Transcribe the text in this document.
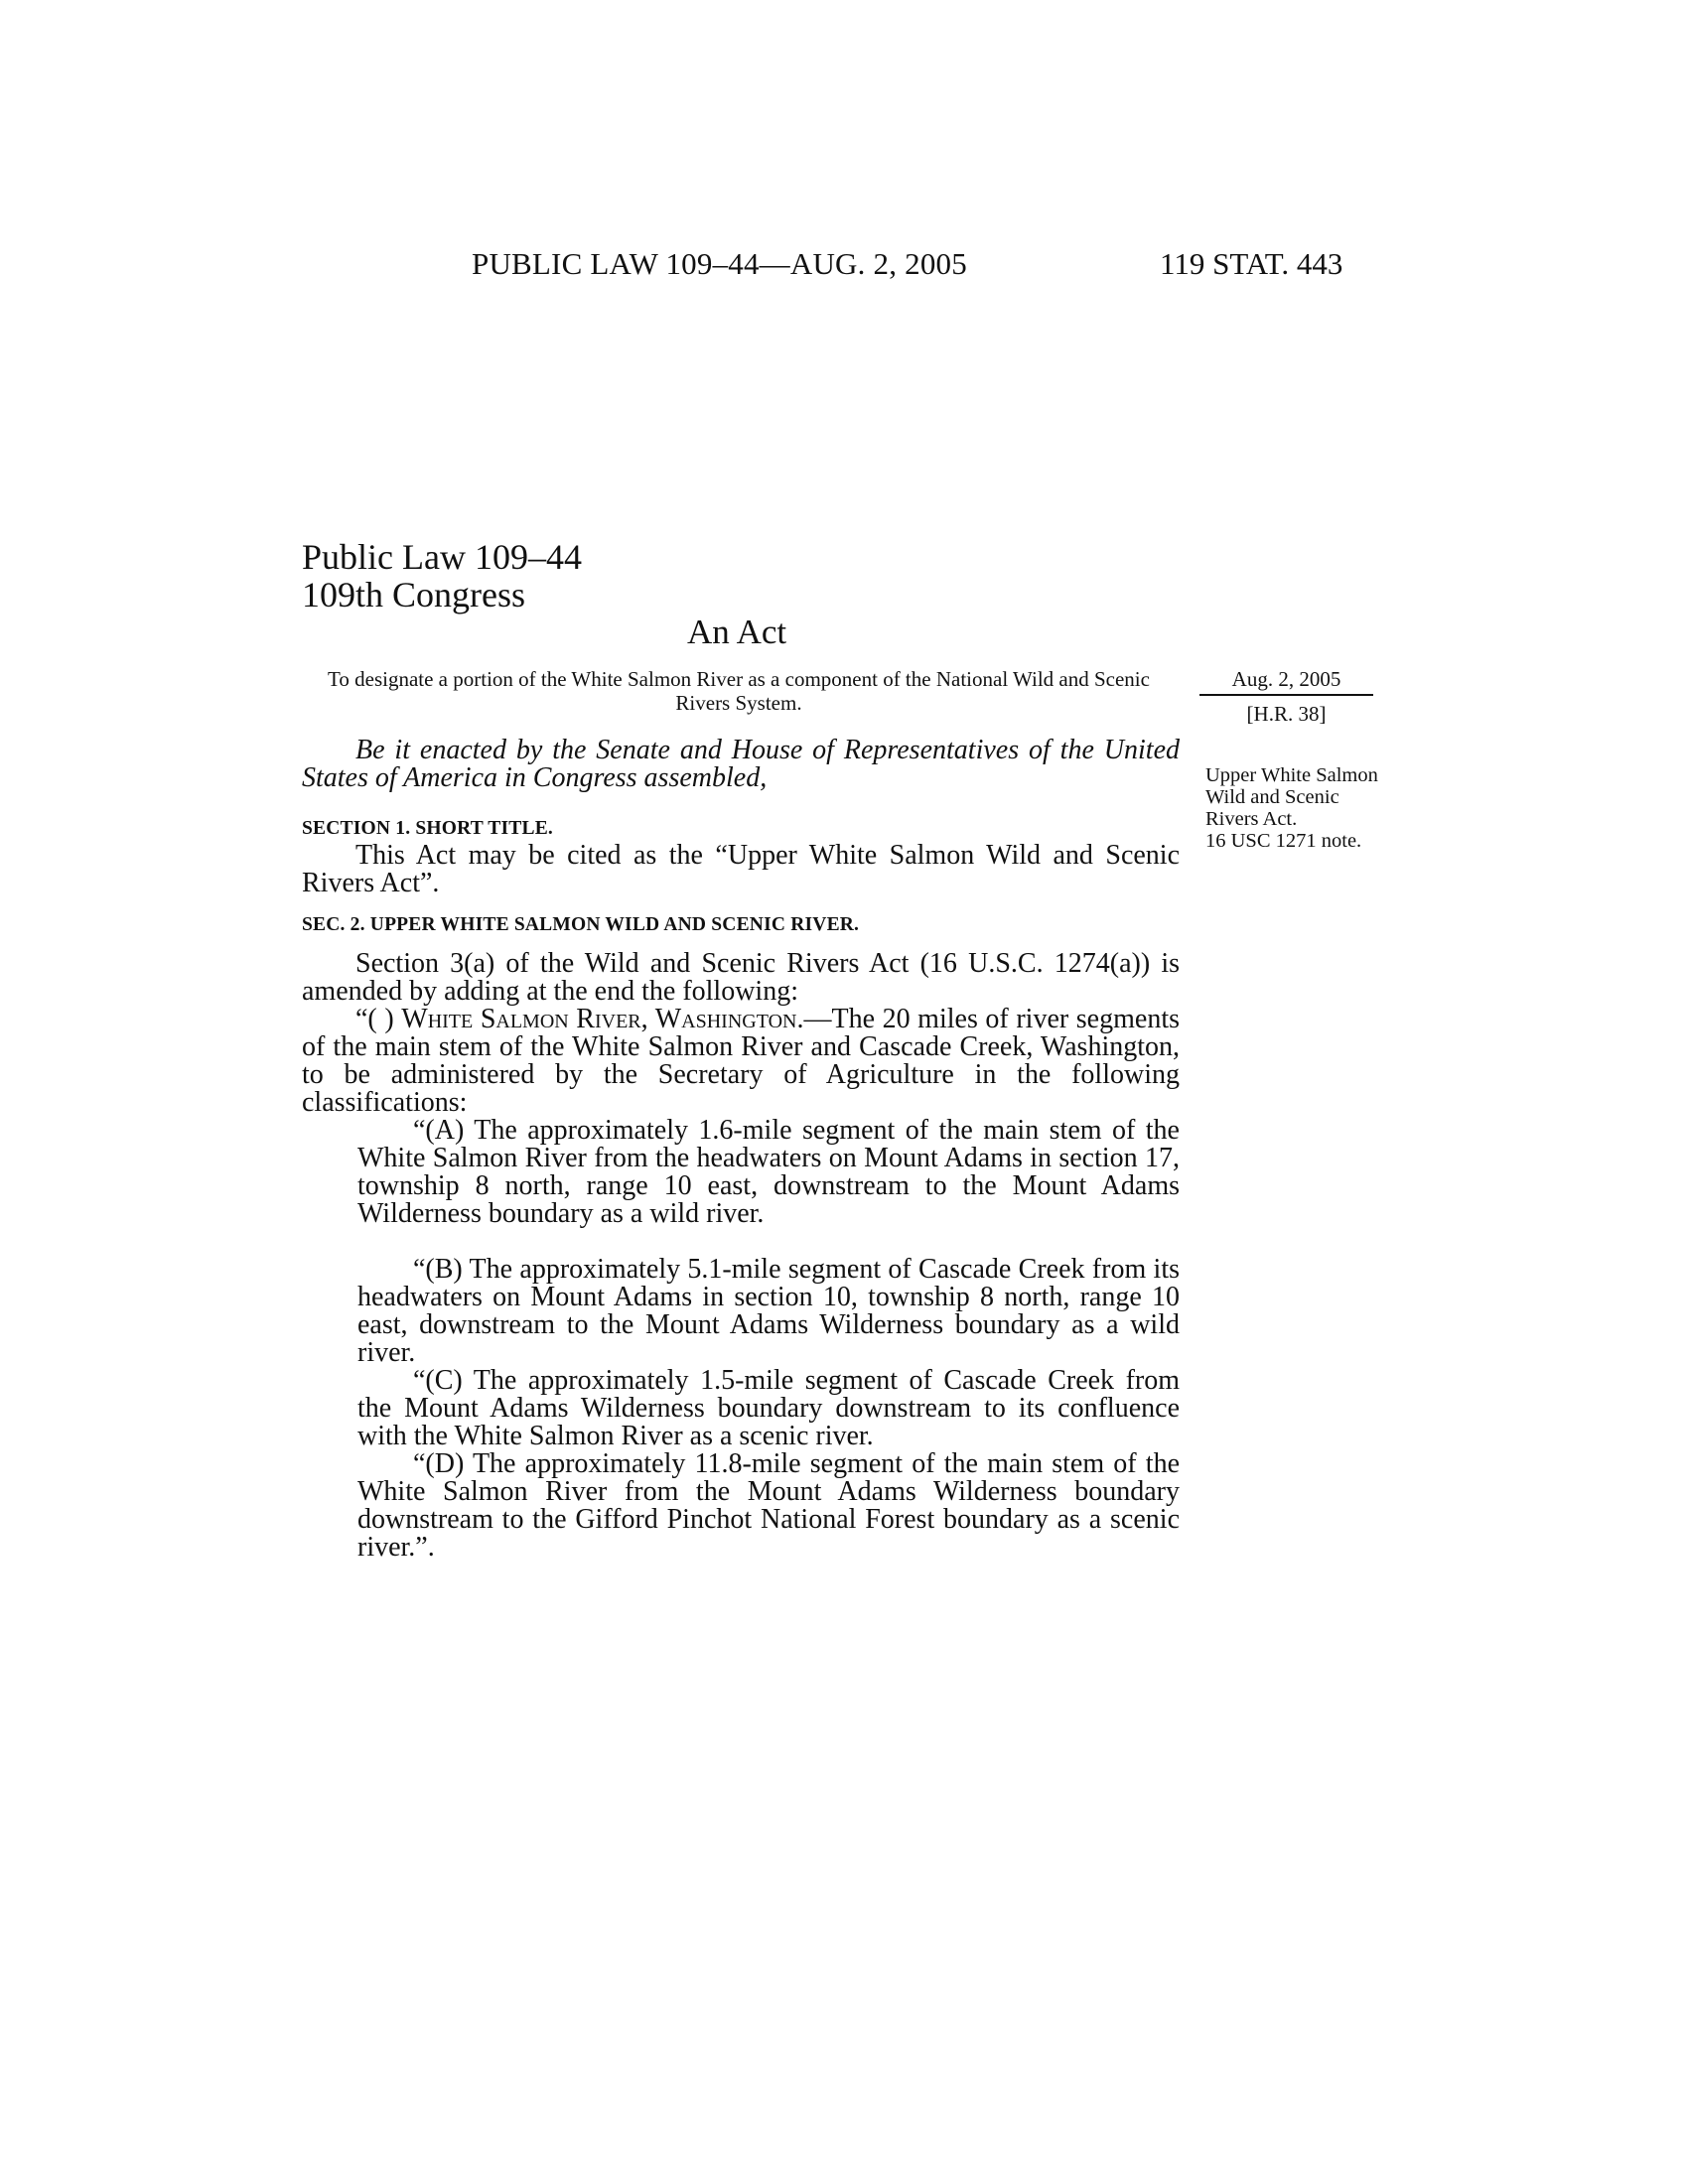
PUBLIC LAW 109–44—AUG. 2, 2005	119 STAT. 443
Public Law 109–44
109th Congress
An Act
To designate a portion of the White Salmon River as a component of the National Wild and Scenic Rivers System.
Aug. 2, 2005
[H.R. 38]
Upper White Salmon Wild and Scenic Rivers Act.
16 USC 1271 note.
Be it enacted by the Senate and House of Representatives of the United States of America in Congress assembled,
SECTION 1. SHORT TITLE.
This Act may be cited as the “Upper White Salmon Wild and Scenic Rivers Act”.
SEC. 2. UPPER WHITE SALMON WILD AND SCENIC RIVER.
Section 3(a) of the Wild and Scenic Rivers Act (16 U.S.C. 1274(a)) is amended by adding at the end the following:
“( ) White Salmon River, Washington.—The 20 miles of river segments of the main stem of the White Salmon River and Cascade Creek, Washington, to be administered by the Secretary of Agriculture in the following classifications:
“(A) The approximately 1.6-mile segment of the main stem of the White Salmon River from the headwaters on Mount Adams in section 17, township 8 north, range 10 east, downstream to the Mount Adams Wilderness boundary as a wild river.
“(B) The approximately 5.1-mile segment of Cascade Creek from its headwaters on Mount Adams in section 10, township 8 north, range 10 east, downstream to the Mount Adams Wilderness boundary as a wild river.
“(C) The approximately 1.5-mile segment of Cascade Creek from the Mount Adams Wilderness boundary downstream to its confluence with the White Salmon River as a scenic river.
“(D) The approximately 11.8-mile segment of the main stem of the White Salmon River from the Mount Adams Wilderness boundary downstream to the Gifford Pinchot National Forest boundary as a scenic river.”.
